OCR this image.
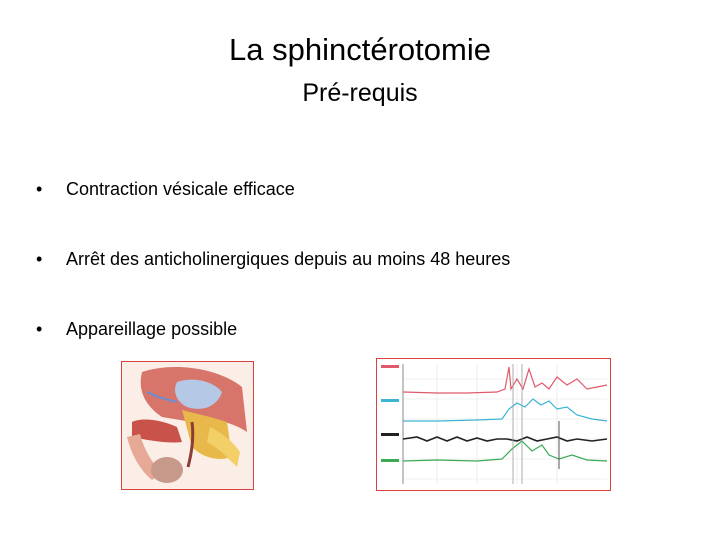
La sphinctérotomie
Pré-requis
• Contraction vésicale efficace
• Arrêt des anticholinergiques depuis au moins 48 heures
• Appareillage possible
